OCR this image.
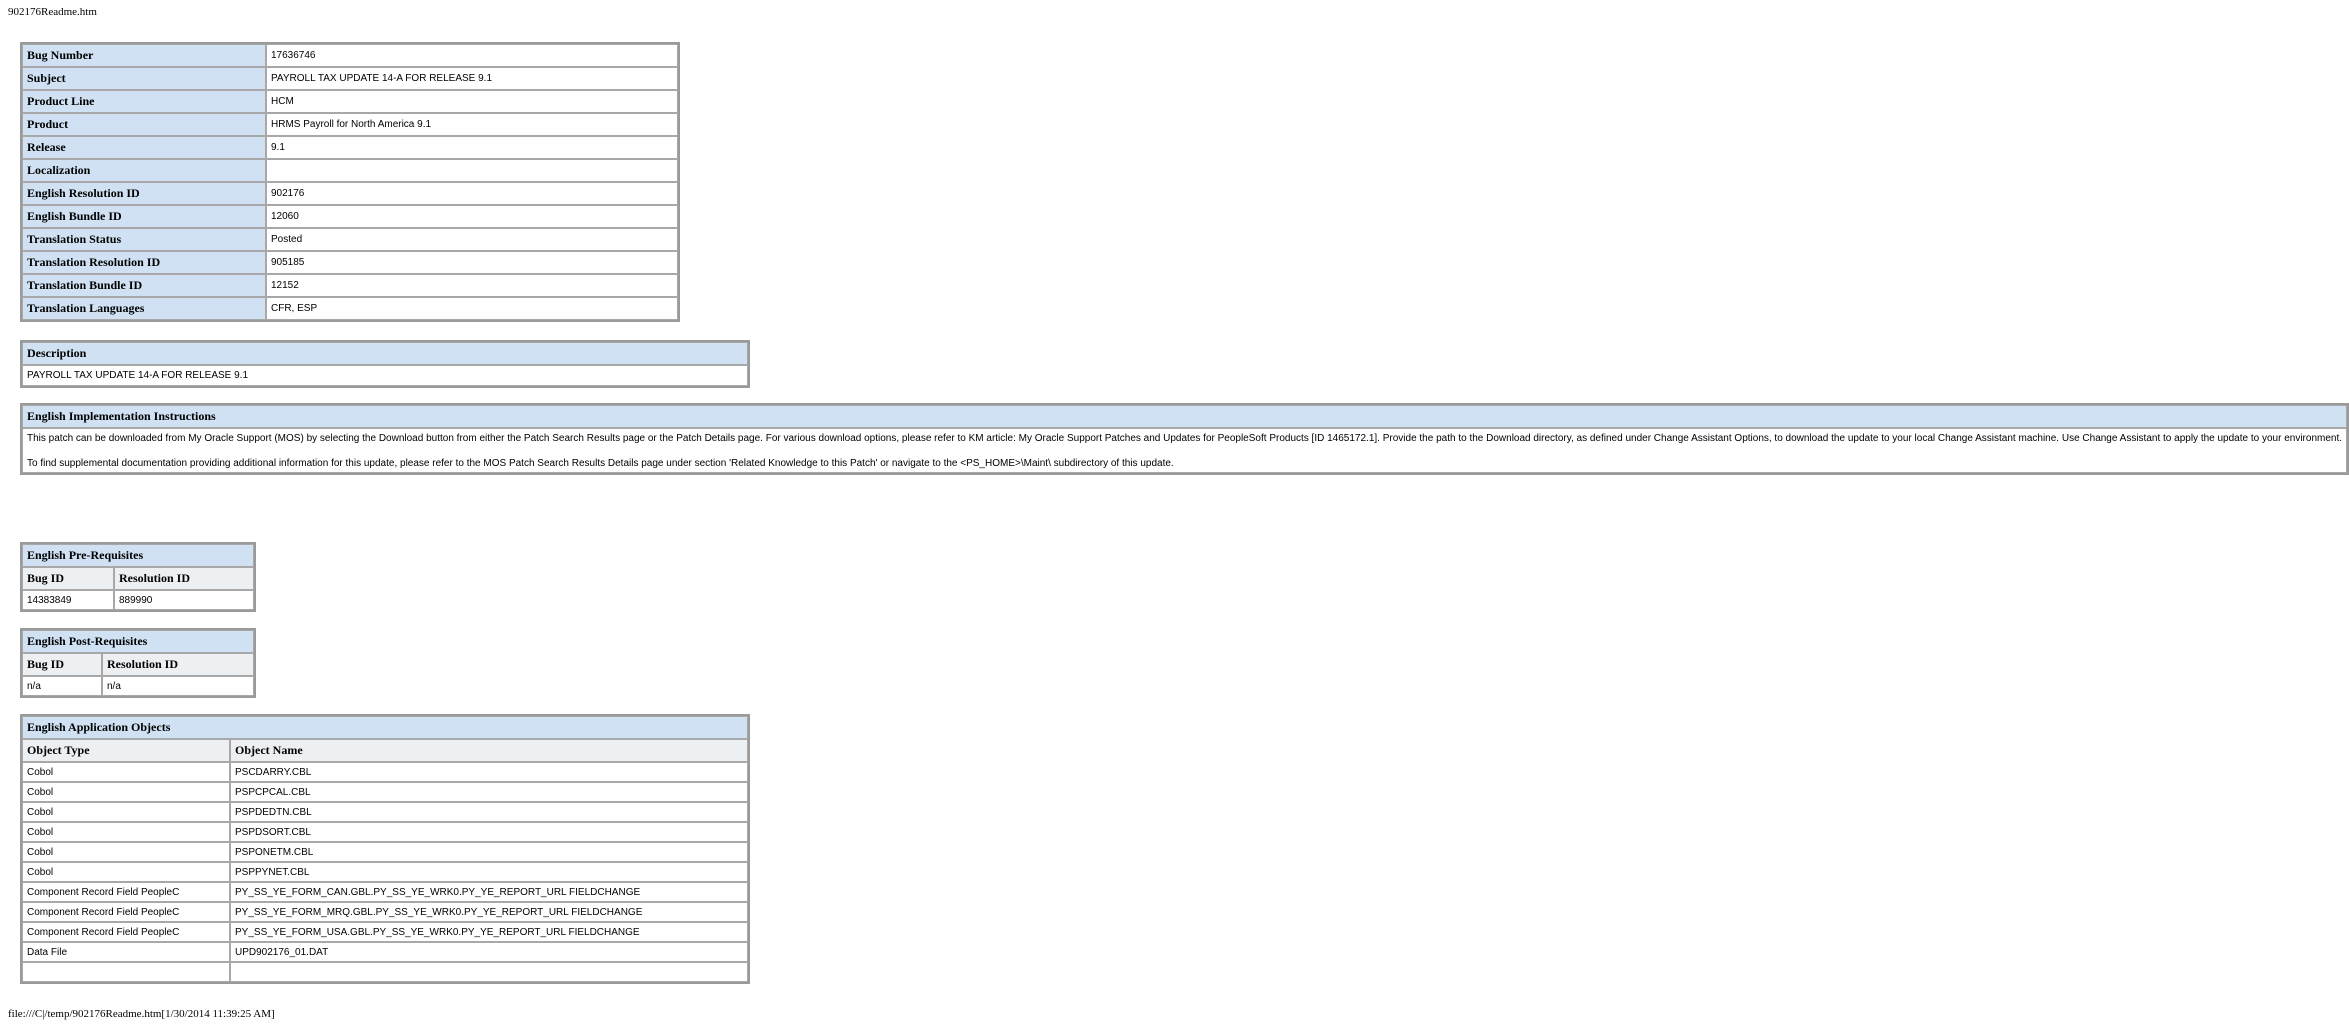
902176Readme.htm
Bug Number	17636746
Subject	PAYROLL TAX UPDATE 14-A FOR RELEASE 9.1
Product Line	HCM
Product	HRMS Payroll for North America 9.1
Release	9.1
Localization	
English Resolution ID	902176
English Bundle ID	12060
Translation Status	Posted
Translation Resolution ID	905185
Translation Bundle ID	12152
Translation Languages	CFR, ESP
Description
PAYROLL TAX UPDATE 14-A FOR RELEASE 9.1
English Implementation Instructions

This patch can be downloaded from My Oracle Support (MOS) by selecting the Download button from either the Patch Search Results page or the Patch Details page. For various download options, please refer to KM article: My Oracle Support Patches and Updates for PeopleSoft Products [ID 1465172.1]. Provide the path to the Download directory, as defined under Change Assistant Options, to download the update to your local Change Assistant machine. Use Change Assistant to apply the update to your environment.

To find supplemental documentation providing additional information for this update, please refer to the MOS Patch Search Results Details page under section 'Related Knowledge to this Patch' or navigate to the <PS_HOME>\Maint\ subdirectory of this update.

English Pre-Requisites	
Bug ID	Resolution ID
14383849	889990
English Post-Requisites	
Bug ID	Resolution ID
n/a	n/a
English Application Objects	
Object Type	Object Name
Cobol	PSCDARRY.CBL
Cobol	PSPCPCAL.CBL
Cobol	PSPDEDTN.CBL
Cobol	PSPDSORT.CBL
Cobol	PSPONETM.CBL
Cobol	PSPPYNET.CBL
Component Record Field PeopleC	PY_SS_YE_FORM_CAN.GBL.PY_SS_YE_WRK0.PY_YE_REPORT_URL FIELDCHANGE
Component Record Field PeopleC	PY_SS_YE_FORM_MRQ.GBL.PY_SS_YE_WRK0.PY_YE_REPORT_URL FIELDCHANGE
Component Record Field PeopleC	PY_SS_YE_FORM_USA.GBL.PY_SS_YE_WRK0.PY_YE_REPORT_URL FIELDCHANGE
Data File	UPD902176_01.DAT

file:///C|/temp/902176Readme.htm[1/30/2014 11:39:25 AM]
